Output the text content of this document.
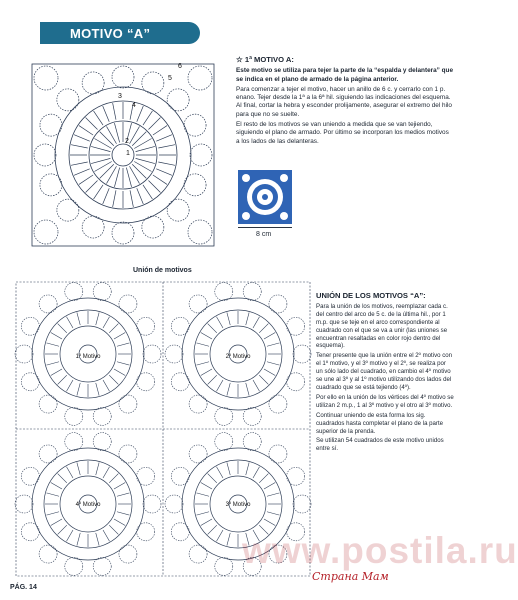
MOTIVO “A”
6
5
4
3
2
1

☆ 1ª MOTIVO A:

Este motivo se utiliza para tejer la parte de la “espalda y delantera” que se indica en el plano de armado de la página anterior.

Para comenzar a tejer el motivo, hacer un anillo de 6 c. y cerrarlo con 1 p. enano. Tejer desde la 1ª a la 6ª hil. siguiendo las indicaciones del esquema. Al final, cortar la hebra y esconder prolijamente, asegurar el extremo del hilo para que no se suelte.

El resto de los motivos se van uniendo a medida que se van tejiendo, siguiendo el plano de armado. Por último se incorporan los medios motivos a los lados de las delanteras.

8 cm
Unión de motivos
1º Motivo	2º Motivo
4º Motivo	3º Motivo

UNIÓN DE LOS MOTIVOS “A”:

Para la unión de los motivos, reemplazar cada c. del centro del arco de 5 c. de la última hil., por 1 m.p. que se teje en el arco correspondiente al cuadrado con el que se va a unir (las uniones se encuentran resaltadas en color rojo dentro del esquema).

Tener presente que la unión entre el 2º motivo con el 1º motivo, y el 3º motivo y el 2º, se realiza por un sólo lado del cuadrado, en cambio el 4º motivo se une al 3º y al 1º motivo utilizando dos lados del cuadrado que se está tejiendo (4º).

Por ello en la unión de los vértices del 4º motivo se utilizan 2 m.p., 1 al 3º motivo y el otro al 3º motivo.

Continuar uniendo de esta forma los sig. cuadrados hasta completar el plano de la parte superior de la prenda.

Se utilizan 54 cuadrados de este motivo unidos entre sí.

www.postila.ru
Страна Мам
PÁG. 14
